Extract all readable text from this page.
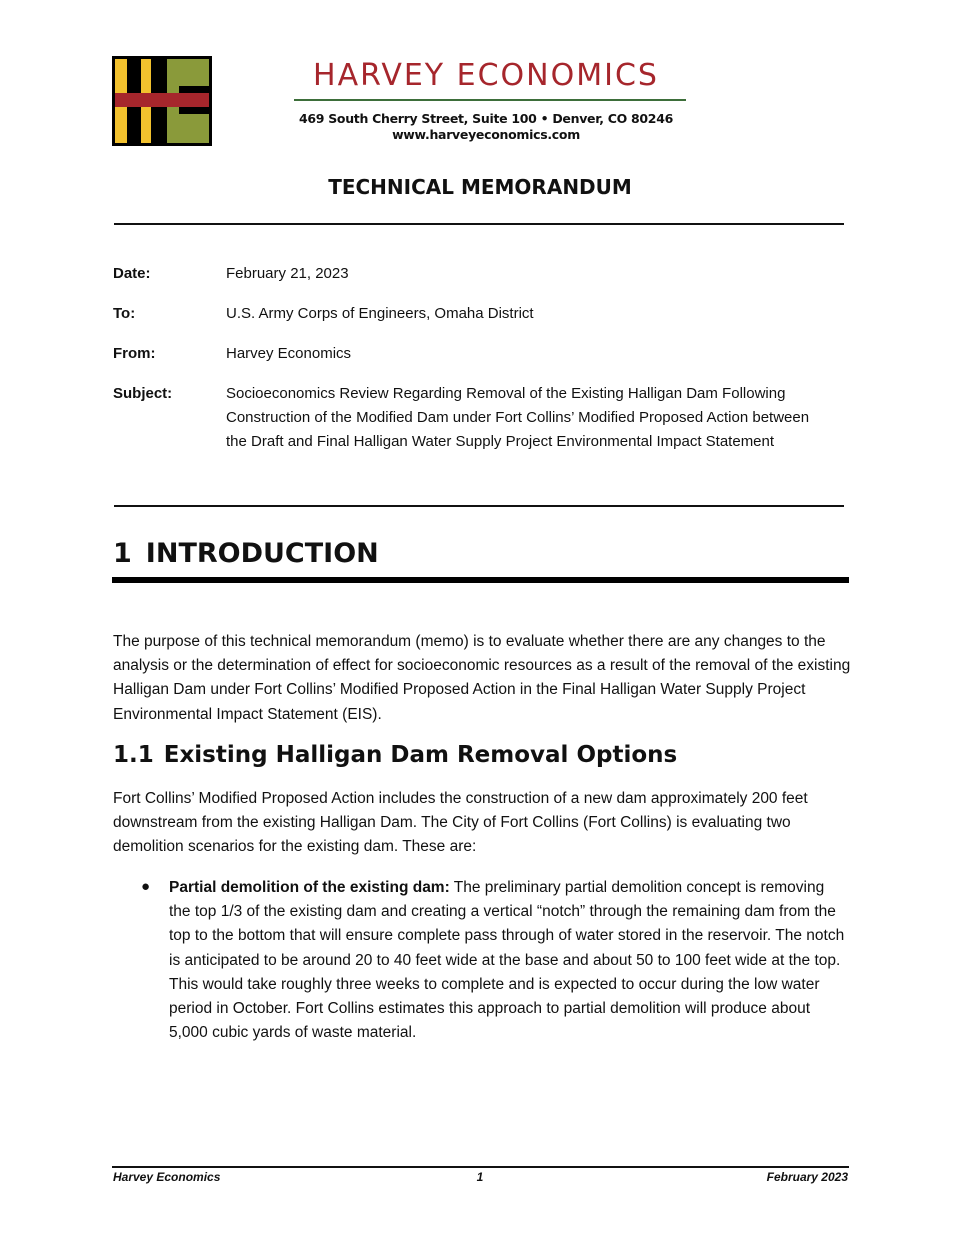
HARVEY ECONOMICS
469 South Cherry Street, Suite 100 • Denver, CO 80246
www.harveyeconomics.com
TECHNICAL MEMORANDUM
Date:	February 21, 2023
To:	U.S. Army Corps of Engineers, Omaha District
From:	Harvey Economics
Subject:	Socioeconomics Review Regarding Removal of the Existing Halligan Dam Following Construction of the Modified Dam under Fort Collins’ Modified Proposed Action between the Draft and Final Halligan Water Supply Project Environmental Impact Statement
1 INTRODUCTION
The purpose of this technical memorandum (memo) is to evaluate whether there are any changes to the analysis or the determination of effect for socioeconomic resources as a result of the removal of the existing Halligan Dam under Fort Collins’ Modified Proposed Action in the Final Halligan Water Supply Project Environmental Impact Statement (EIS).
1.1 Existing Halligan Dam Removal Options
Fort Collins’ Modified Proposed Action includes the construction of a new dam approximately 200 feet downstream from the existing Halligan Dam. The City of Fort Collins (Fort Collins) is evaluating two demolition scenarios for the existing dam. These are:
● Partial demolition of the existing dam: The preliminary partial demolition concept is removing the top 1/3 of the existing dam and creating a vertical “notch” through the remaining dam from the top to the bottom that will ensure complete pass through of water stored in the reservoir. The notch is anticipated to be around 20 to 40 feet wide at the base and about 50 to 100 feet wide at the top. This would take roughly three weeks to complete and is expected to occur during the low water period in October. Fort Collins estimates this approach to partial demolition will produce about 5,000 cubic yards of waste material.
Harvey Economics	1	February 2023
